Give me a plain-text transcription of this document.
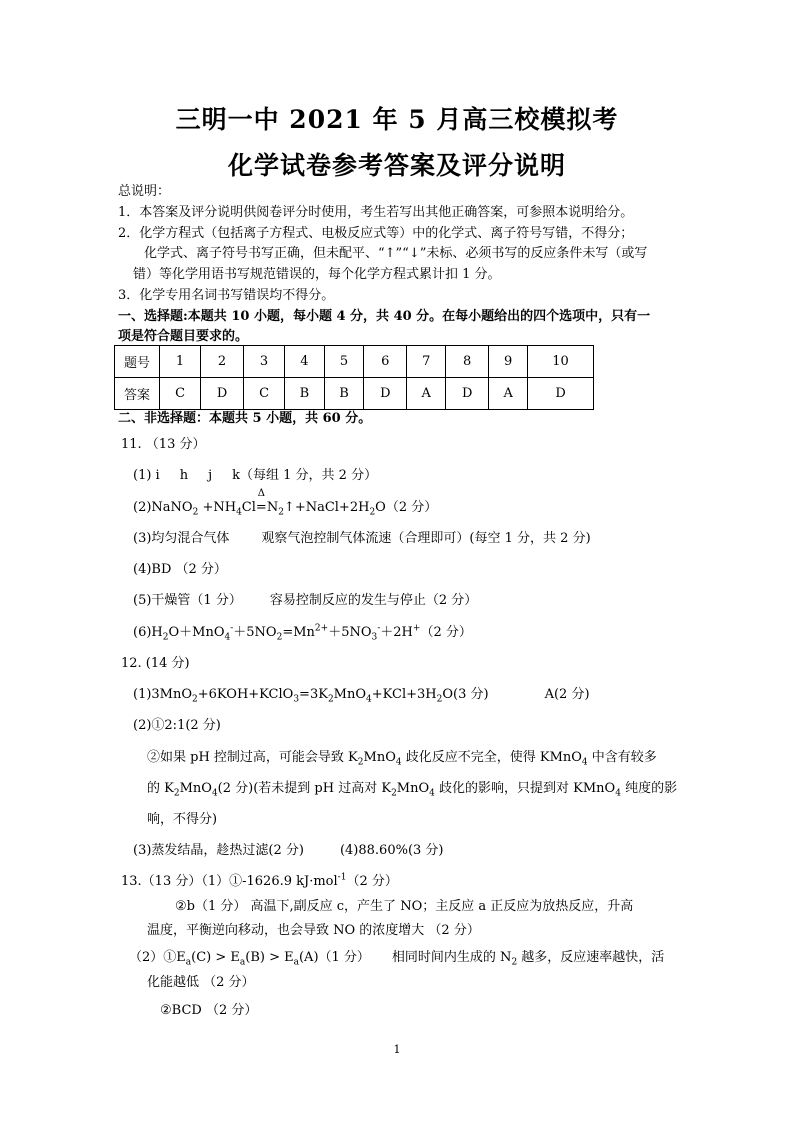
三明一中 2021 年 5 月高三校模拟考
化学试卷参考答案及评分说明
总说明：
1．本答案及评分说明供阅卷评分时使用，考生若写出其他正确答案，可参照本说明给分。
2．化学方程式（包括离子方程式、电极反应式等）中的化学式、离子符号写错，不得分；
化学式、离子符号书写正确，但未配平、“↑”“↓”未标、必须书写的反应条件未写（或写
错）等化学用语书写规范错误的，每个化学方程式累计扣 1 分。
3．化学专用名词书写错误均不得分。
一、选择题:本题共 10 小题，每小题 4 分，共 40 分。在每小题给出的四个选项中，只有一
项是符合题目要求的。
题号	1	2	3	4	5	6	7	8	9	10
答案	C	D	C	B	B	D	A	D	A	D
二、非选择题：本题共 5 小题，共 60 分。
11. （13 分）
(1) i h j k（每组 1 分，共 2 分）
(2)NaNO$_2$ $+NH_4Cl$
Δ
$=N_2↑+NaCl+2H_2O(2$ 分）
(3)均匀混合气体 观察气泡控制气体流速（合理即可）(每空 1 分，共 2 分)
(4)BD （2 分）
(5)干燥管（1 分） 容易控制反应的发生与停止（2 分）
$(6)H_2O+MnO_4^-+5NO_2=Mn^{2+}+5NO_3^-+2H^+(2$ 分）
12. (14 分)
$(1)3MnO_2+6KOH+KClO_3=3K_2MnO_4+KCl+3H_2O(3$ 分)	A(2 分)
(2)①2:1(2 分)
②如果 pH 控制过高，可能会导致 $K_2MnO_4$ 歧化反应不完全，使得 KMnO$_4$ 中含有较多
的 $K_2MnO_4(2$ 分)(若未提到 pH 过高对 $K_2MnO_4$ 歧化的影响，只提到对 KMnO$_4$ 纯度的影
响，不得分)
(3)蒸发结晶，趁热过滤(2 分)	(4)88.60%(3 分)
13.（13 分）（1）①-1626.9 kJ·mol$^{-1}$（2 分）
②b（1 分） 高温下,副反应 c，产生了 NO；主反应 a 正反应为放热反应，升高
温度，平衡逆向移动，也会导致 NO 的浓度增大 （2 分）
$(2)①E_a(C) > E_a(B) > E_a(A)(1$ 分） 相同时间内生成的 $N_2$ 越多，反应速率越快，活
化能越低 （2 分）
②BCD （2 分）
1
